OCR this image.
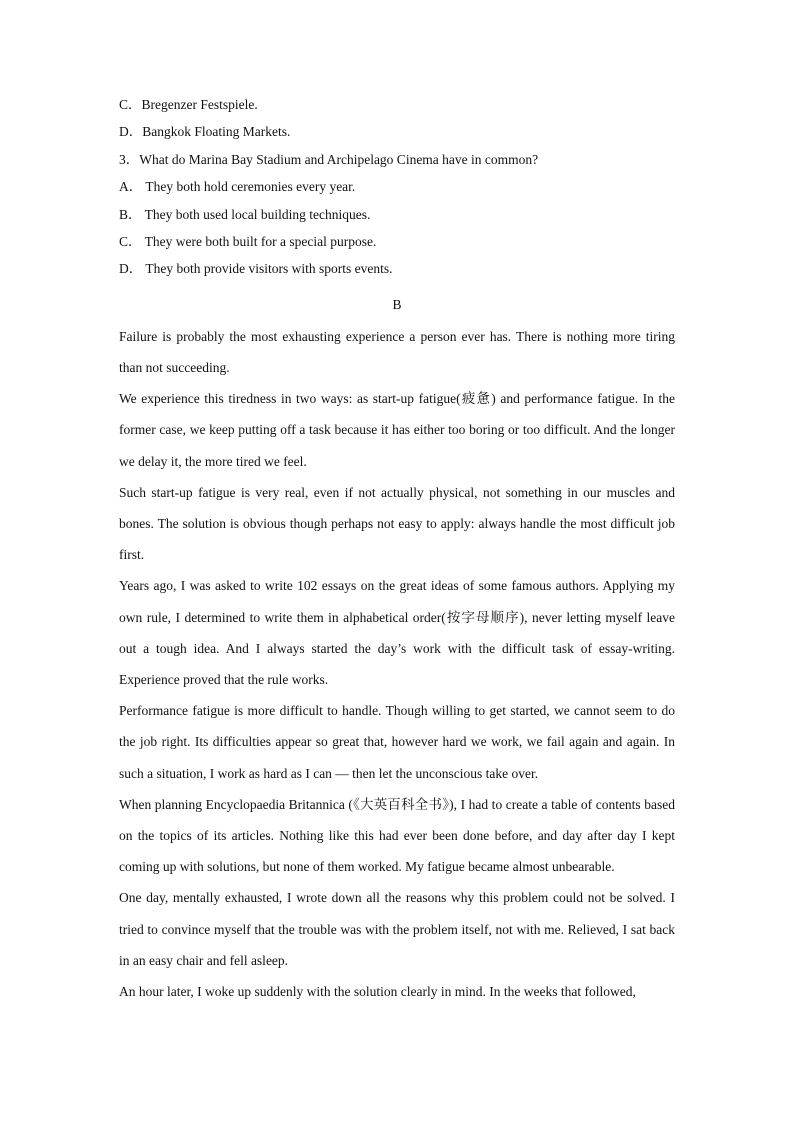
C．Bregenzer Festspiele.
D．Bangkok Floating Markets.
3．What do Marina Bay Stadium and Archipelago Cinema have in common?
A． They both hold ceremonies every year.
B． They both used local building techniques.
C． They were both built for a special purpose.
D． They both provide visitors with sports events.
B

Failure is probably the most exhausting experience a person ever has. There is nothing more tiring than not succeeding.

We experience this tiredness in two ways: as start-up fatigue(疲惫) and performance fatigue. In the former case, we keep putting off a task because it has either too boring or too difficult. And the longer we delay it, the more tired we feel.

Such start-up fatigue is very real, even if not actually physical, not something in our muscles and bones. The solution is obvious though perhaps not easy to apply: always handle the most difficult job first.

Years ago, I was asked to write 102 essays on the great ideas of some famous authors. Applying my own rule, I determined to write them in alphabetical order(按字母顺序), never letting myself leave out a tough idea. And I always started the day’s work with the difficult task of essay-writing. Experience proved that the rule works.

Performance fatigue is more difficult to handle. Though willing to get started, we cannot seem to do the job right. Its difficulties appear so great that, however hard we work, we fail again and again. In such a situation, I work as hard as I can — then let the unconscious take over.

When planning Encyclopaedia Britannica (《大英百科全书》), I had to create a table of contents based on the topics of its articles. Nothing like this had ever been done before, and day after day I kept coming up with solutions, but none of them worked. My fatigue became almost unbearable.

One day, mentally exhausted, I wrote down all the reasons why this problem could not be solved. I tried to convince myself that the trouble was with the problem itself, not with me. Relieved, I sat back in an easy chair and fell asleep.

An hour later, I woke up suddenly with the solution clearly in mind. In the weeks that followed,
